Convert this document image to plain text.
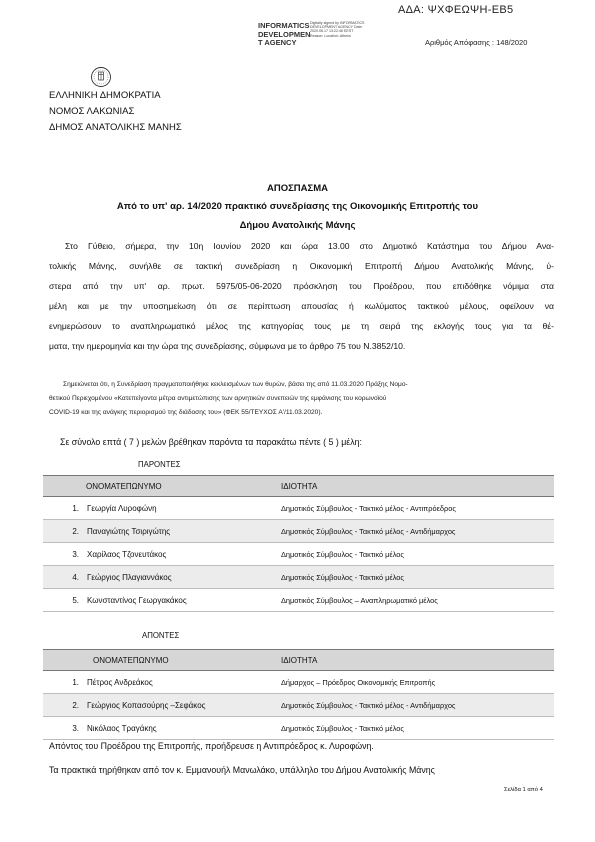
ΑΔΑ: ΨΧΦΕΩΨΗ-ΕΒ5
INFORMATICS
DEVELOPMEN
T AGENCY
Digitally signed by INFORMATICS DEVELOPMENT AGENCY Date: 2020.06.17 13:22:46 EEST Reason: Location: Athens
Αριθμός Απόφασης : 148/2020
ΕΛΛΗΝΙΚΗ ΔΗΜΟΚΡΑΤΙΑ
ΝΟΜΟΣ ΛΑΚΩΝΙΑΣ
ΔΗΜΟΣ ΑΝΑΤΟΛΙΚΗΣ ΜΑΝΗΣ
ΑΠΟΣΠΑΣΜΑ
Από το υπ' αρ. 14/2020 πρακτικό συνεδρίασης της Οικονομικής Επιτροπής του
Δήμου Ανατολικής Μάνης
Στο Γύθειο, σήμερα, την 10η Ιουνίου 2020 και ώρα 13.00 στο Δημοτικό Κατάστημα του Δήμου Ανα-
τολικής Μάνης, συνήλθε σε τακτική συνεδρίαση η Οικονομική Επιτροπή Δήμου Ανατολικής Μάνης, ύ-
στερα από την υπ' αρ. πρωτ. 5975/05-06-2020 πρόσκληση του Προέδρου, που επιδόθηκε νόμιμα στα
μέλη και με την υποσημείωση ότι σε περίπτωση απουσίας ή κωλύματος τακτικού μέλους, οφείλουν να
ενημερώσουν το αναπληρωματικό μέλος της κατηγορίας τους με τη σειρά της εκλογής τους για τα θέ-
ματα, την ημερομηνία και την ώρα της συνεδρίασης, σύμφωνα με το άρθρο 75 του Ν.3852/10.
Σημειώνεται ότι, η Συνεδρίαση πραγματοποιήθηκε κεκλεισμένων των θυρών, βάσει της από 11.03.2020 Πράξης Νομο-
θετικού Περιεχομένου «Κατεπείγοντα μέτρα αντιμετώπισης των αρνητικών συνεπειών της εμφάνισης του κορωνοϊού
COVID-19 και της ανάγκης περιορισμού της διάδοσης του» (ΦΕΚ 55/ΤΕΥΧΟΣ Α'/11.03.2020).
Σε σύνολο επτά ( 7 ) μελών βρέθηκαν παρόντα τα παρακάτω πέντε ( 5 ) μέλη:
ΠΑΡΟΝΤΕΣ
ΟΝΟΜΑΤΕΠΩΝΥΜΟ		ΙΔΙΟΤΗΤΑ
1.	Γεωργία Λυροφώνη	Δημοτικός Σύμβουλος - Τακτικό μέλος - Αντιπρόεδρος
2.	Παναγιώτης Τσιριγώτης	Δημοτικός Σύμβουλος - Τακτικό μέλος - Αντιδήμαρχος
3.	Χαρίλαος Τζονευτάκος	Δημοτικός Σύμβουλος - Τακτικό μέλος
4.	Γεώργιος Πλαγιαννάκος	Δημοτικός Σύμβουλος - Τακτικό μέλος
5.	Κωνσταντίνος Γεωργακάκος	Δημοτικός Σύμβουλος – Αναπληρωματικό μέλος
ΑΠΟΝΤΕΣ
ΟΝΟΜΑΤΕΠΩΝΥΜΟ		ΙΔΙΟΤΗΤΑ
1.	Πέτρος Ανδρεάκος	Δήμαρχος – Πρόεδρος Οικονομικής Επιτροπής
2.	Γεώργιος Κοπασούρης –Σεφάκος	Δημοτικός Σύμβουλος - Τακτικό μέλος - Αντιδήμαρχος
3.	Νικόλαος Τραγάκης	Δημοτικός Σύμβουλος - Τακτικό μέλος
Απόντος του Προέδρου της Επιτροπής, προήδρευσε η Αντιπρόεδρος κ. Λυροφώνη.
Τα πρακτικά τηρήθηκαν από τον κ. Εμμανουήλ Μανωλάκο, υπάλληλο του Δήμου Ανατολικής Μάνης
Σελίδα 1 από 4
